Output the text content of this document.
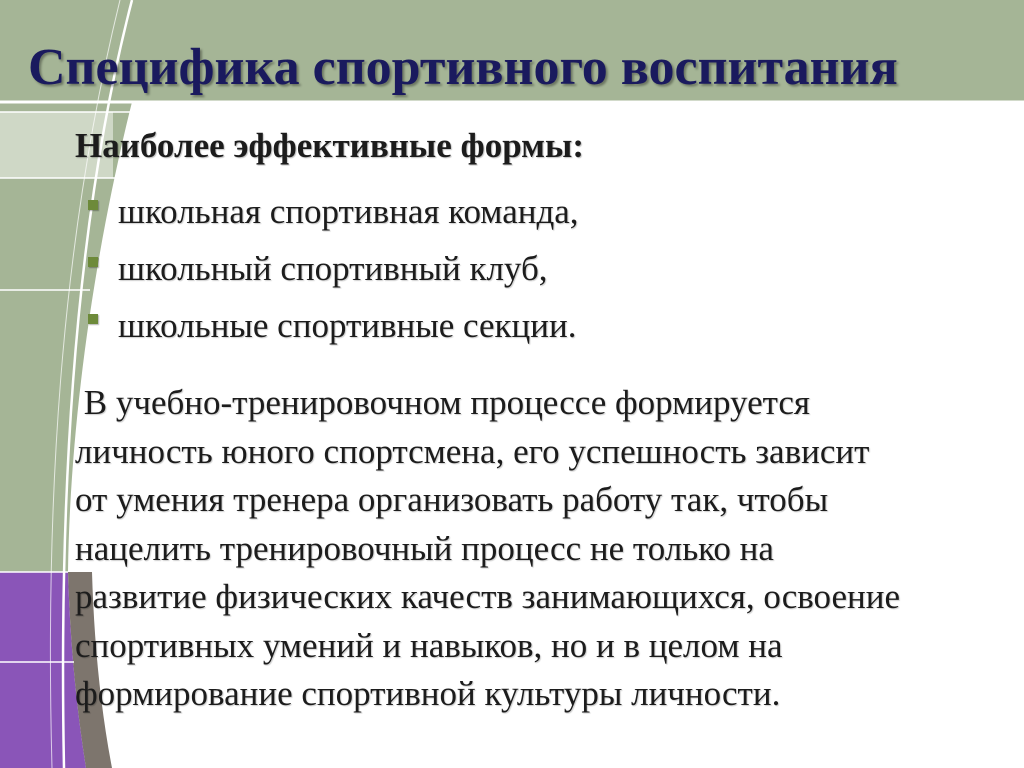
Специфика спортивного воспитания

Наиболее эффективные формы:

школьная спортивная команда,
школьный спортивный клуб,
школьные спортивные секции.

В учебно-тренировочном процессе формируется
личность юного спортсмена, его успешность зависит
от умения тренера организовать работу так, чтобы
нацелить тренировочный процесс не только на
развитие физических качеств занимающихся, освоение
спортивных умений и навыков, но и в целом на
формирование спортивной культуры личности.
